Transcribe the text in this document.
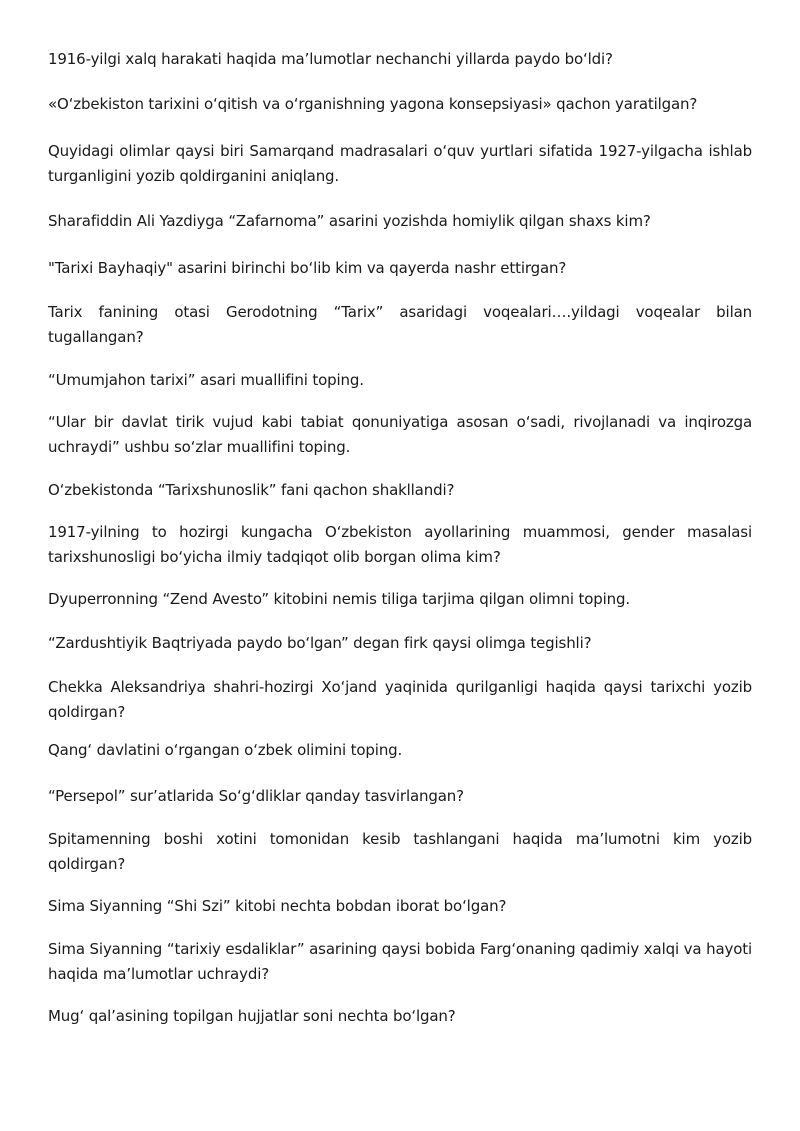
1916-yilgi xalq harakati haqida ma’lumotlar nechanchi yillarda paydo bo‘ldi?

«O‘zbekiston tarixini o‘qitish va o‘rganishning yagona konsepsiyasi» qachon yaratilgan?

Quyidagi olimlar qaysi biri Samarqand madrasalari o‘quv yurtlari sifatida 1927-yilgacha ishlab turganligini yozib qoldirganini aniqlang.

Sharafiddin Ali Yazdiyga “Zafarnoma” asarini yozishda homiylik qilgan shaxs kim?

"Tarixi Bayhaqiy" asarini birinchi bo‘lib kim va qayerda nashr ettirgan?

Tarix fanining otasi Gerodotning “Tarix” asaridagi voqealari….yildagi voqealar bilan tugallangan?

“Umumjahon tarixi” asari muallifini toping.

“Ular bir davlat tirik vujud kabi tabiat qonuniyatiga asosan o‘sadi, rivojlanadi va inqirozga uchraydi” ushbu so‘zlar muallifini toping.

O‘zbekistonda “Tarixshunoslik” fani qachon shakllandi?

1917-yilning to hozirgi kungacha O‘zbekiston ayollarining muammosi, gender masalasi tarixshunosligi bo‘yicha ilmiy tadqiqot olib borgan olima kim?

Dyuperronning “Zend Avesto” kitobini nemis tiliga tarjima qilgan olimni toping.

“Zardushtiyik Baqtriyada paydo bo‘lgan” degan firk qaysi olimga tegishli?

Chekka Aleksandriya shahri-hozirgi Xo‘jand yaqinida qurilganligi haqida qaysi tarixchi yozib qoldirgan?

Qang‘ davlatini o‘rgangan o‘zbek olimini toping.

“Persepol” sur’atlarida So‘g‘dliklar qanday tasvirlangan?

Spitamenning boshi xotini tomonidan kesib tashlangani haqida ma’lumotni kim yozib qoldirgan?

Sima Siyanning “Shi Szi” kitobi nechta bobdan iborat bo‘lgan?

Sima Siyanning “tarixiy esdaliklar” asarining qaysi bobida Farg‘onaning qadimiy xalqi va hayoti haqida ma’lumotlar uchraydi?

Mug‘ qal’asining topilgan hujjatlar soni nechta bo‘lgan?
